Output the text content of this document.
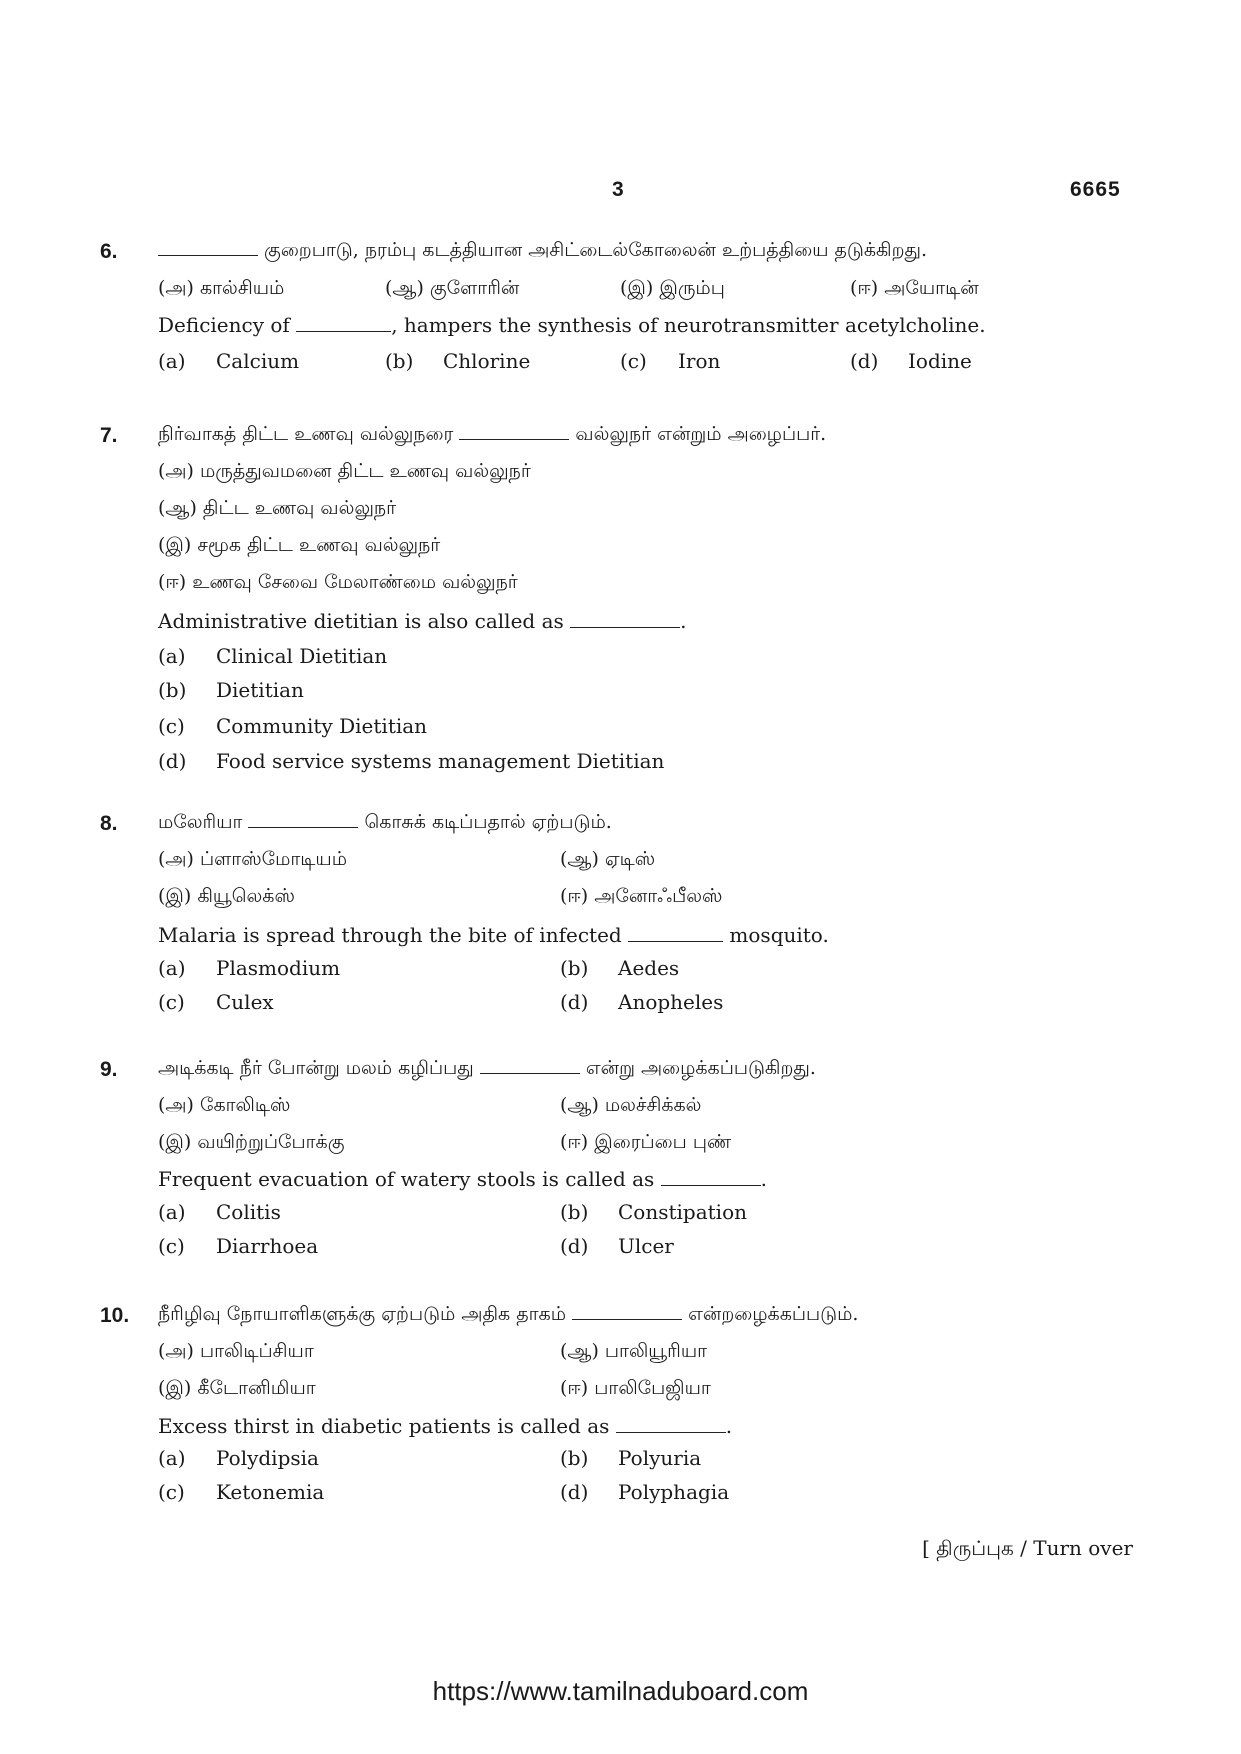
3	6665
6.	குறைபாடு, நரம்பு கடத்தியான அசிட்டைல்கோலைன் உற்பத்தியை தடுக்கிறது.
(அ) கால்சியம்	(ஆ) குளோரின்	(இ) இரும்பு	(ஈ) அயோடின்
Deficiency of	, hampers the synthesis of neurotransmitter acetylcholine.
(a) Calcium	(b) Chlorine	(c) Iron	(d) Iodine
7. நிர்வாகத் திட்ட உணவு வல்லுநரை	வல்லுநர் என்றும் அழைப்பர்.
(அ) மருத்துவமனை திட்ட உணவு வல்லுநர்
(ஆ) திட்ட உணவு வல்லுநர்
(இ) சமூக திட்ட உணவு வல்லுநர்
(ஈ) உணவு சேவை மேலாண்மை வல்லுநர்
Administrative dietitian is also called as	.
(a) Clinical Dietitian
(b) Dietitian
(c) Community Dietitian
(d) Food service systems management Dietitian
8. மலேரியா	கொசுக் கடிப்பதால் ஏற்படும்.
(அ) ப்ளாஸ்மோடியம்	(ஆ) ஏடிஸ்
(இ) கியூலெக்ஸ்	(ஈ) அனோஃபீலஸ்
Malaria is spread through the bite of infected	mosquito.
(a) Plasmodium	(b) Aedes
(c) Culex	(d) Anopheles
9. அடிக்கடி நீர் போன்று மலம் கழிப்பது	என்று அழைக்கப்படுகிறது.
(அ) கோலிடிஸ்	(ஆ) மலச்சிக்கல்
(இ) வயிற்றுப்போக்கு	(ஈ) இரைப்பை புண்
Frequent evacuation of watery stools is called as	.
(a) Colitis	(b) Constipation
(c) Diarrhoea	(d) Ulcer
10. நீரிழிவு நோயாளிகளுக்கு ஏற்படும் அதிக தாகம்	என்றழைக்கப்படும்.
(அ) பாலிடிப்சியா	(ஆ) பாலியூரியா
(இ) கீடோனிமியா	(ஈ) பாலிபேஜியா
Excess thirst in diabetic patients is called as	.
(a) Polydipsia	(b) Polyuria
(c) Ketonemia	(d) Polyphagia
[ திருப்புக / Turn over
https://www.tamilnaduboard.com
